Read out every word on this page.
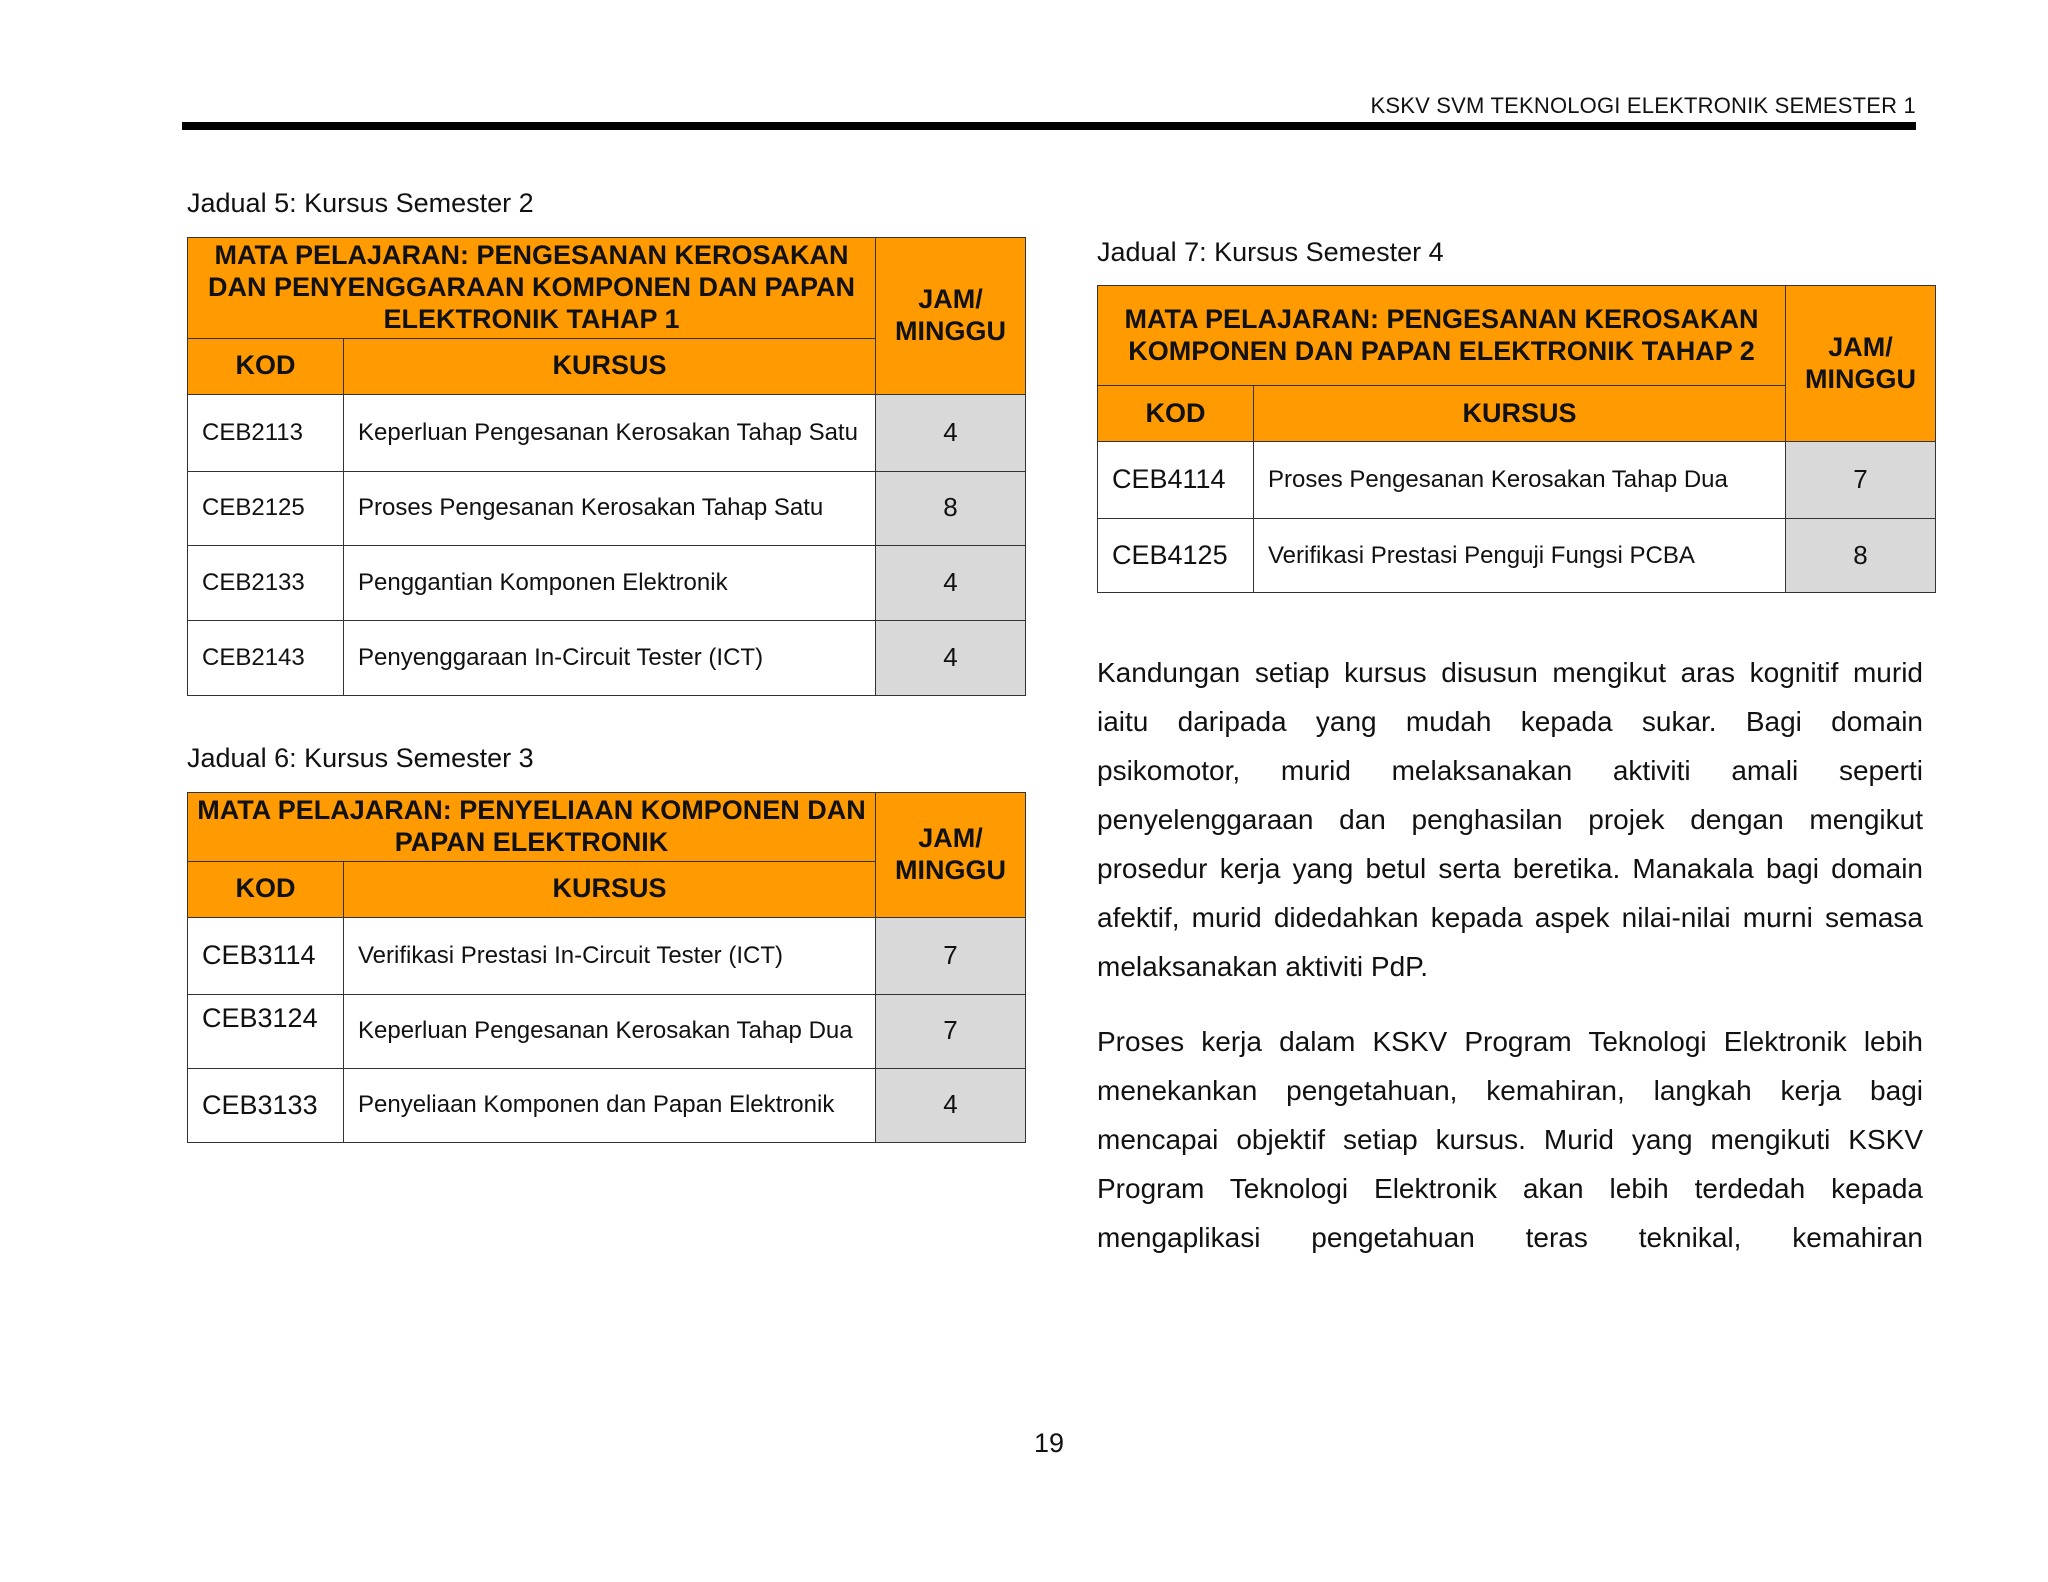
KSKV SVM TEKNOLOGI ELEKTRONIK SEMESTER 1
Jadual 5: Kursus Semester 2
MATA PELAJARAN: PENGESANAN KEROSAKAN DAN PENYENGGARAAN KOMPONEN DAN PAPAN ELEKTRONIK TAHAP 1		JAM/ MINGGU
KOD	KURSUS	
CEB2113	Keperluan Pengesanan Kerosakan Tahap Satu	4
CEB2125	Proses Pengesanan Kerosakan Tahap Satu	8
CEB2133	Penggantian Komponen Elektronik	4
CEB2143	Penyenggaraan In-Circuit Tester (ICT)	4
Jadual 6: Kursus Semester 3
MATA PELAJARAN: PENYELIAAN KOMPONEN DAN PAPAN ELEKTRONIK		JAM/ MINGGU
KOD	KURSUS	
CEB3114	Verifikasi Prestasi In-Circuit Tester (ICT)	7
CEB3124	Keperluan Pengesanan Kerosakan Tahap Dua	7
CEB3133	Penyeliaan Komponen dan Papan Elektronik	4
Jadual 7: Kursus Semester 4
MATA PELAJARAN: PENGESANAN KEROSAKAN KOMPONEN DAN PAPAN ELEKTRONIK TAHAP 2		JAM/ MINGGU
KOD	KURSUS	
CEB4114	Proses Pengesanan Kerosakan Tahap Dua	7
CEB4125	Verifikasi Prestasi Penguji Fungsi PCBA	8

Kandungan setiap kursus disusun mengikut aras kognitif murid iaitu daripada yang mudah kepada sukar. Bagi domain psikomotor, murid melaksanakan aktiviti amali seperti penyelenggaraan dan penghasilan projek dengan mengikut prosedur kerja yang betul serta beretika. Manakala bagi domain afektif, murid didedahkan kepada aspek nilai-nilai murni semasa melaksanakan aktiviti PdP.

Proses kerja dalam KSKV Program Teknologi Elektronik lebih menekankan pengetahuan, kemahiran, langkah kerja bagi mencapai objektif setiap kursus. Murid yang mengikuti KSKV Program Teknologi Elektronik akan lebih terdedah kepada mengaplikasi pengetahuan teras teknikal, kemahiran

19
